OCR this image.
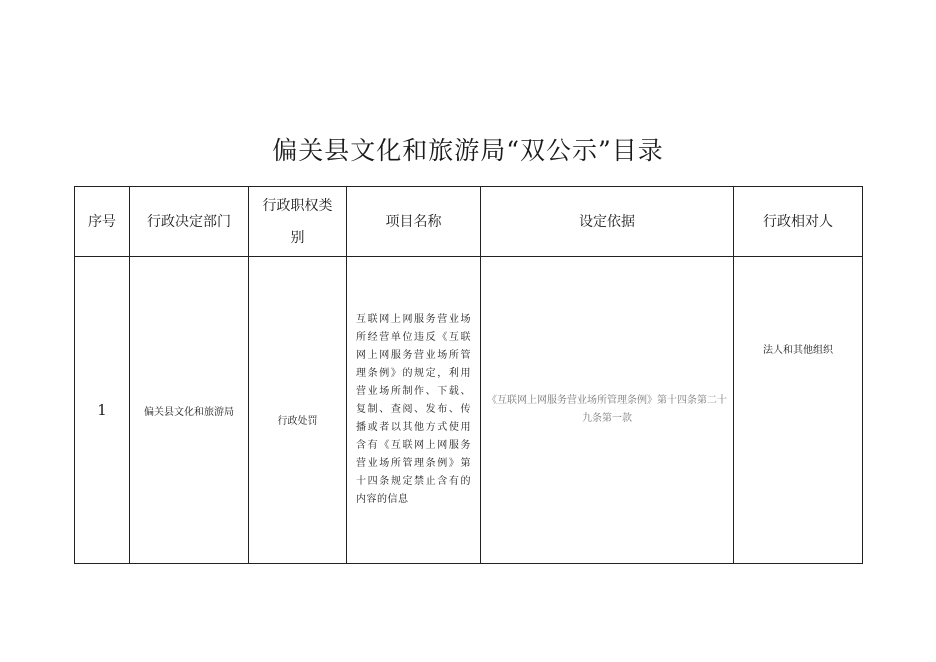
偏关县文化和旅游局“双公示”目录
序号	行政决定部门	行政职权类别	项目名称	设定依据	行政相对人
1	偏关县文化和旅游局	行政处罚	互联网上网服务营业场所经营单位违反《互联网上网服务营业场所管理条例》的规定，利用营业场所制作、下载、复制、查阅、发布、传播或者以其他方式使用含有《互联网上网服务营业场所管理条例》第十四条规定禁止含有的内容的信息	《互联网上网服务营业场所管理条例》第十四条第二十九条第一款	法人和其他组织
